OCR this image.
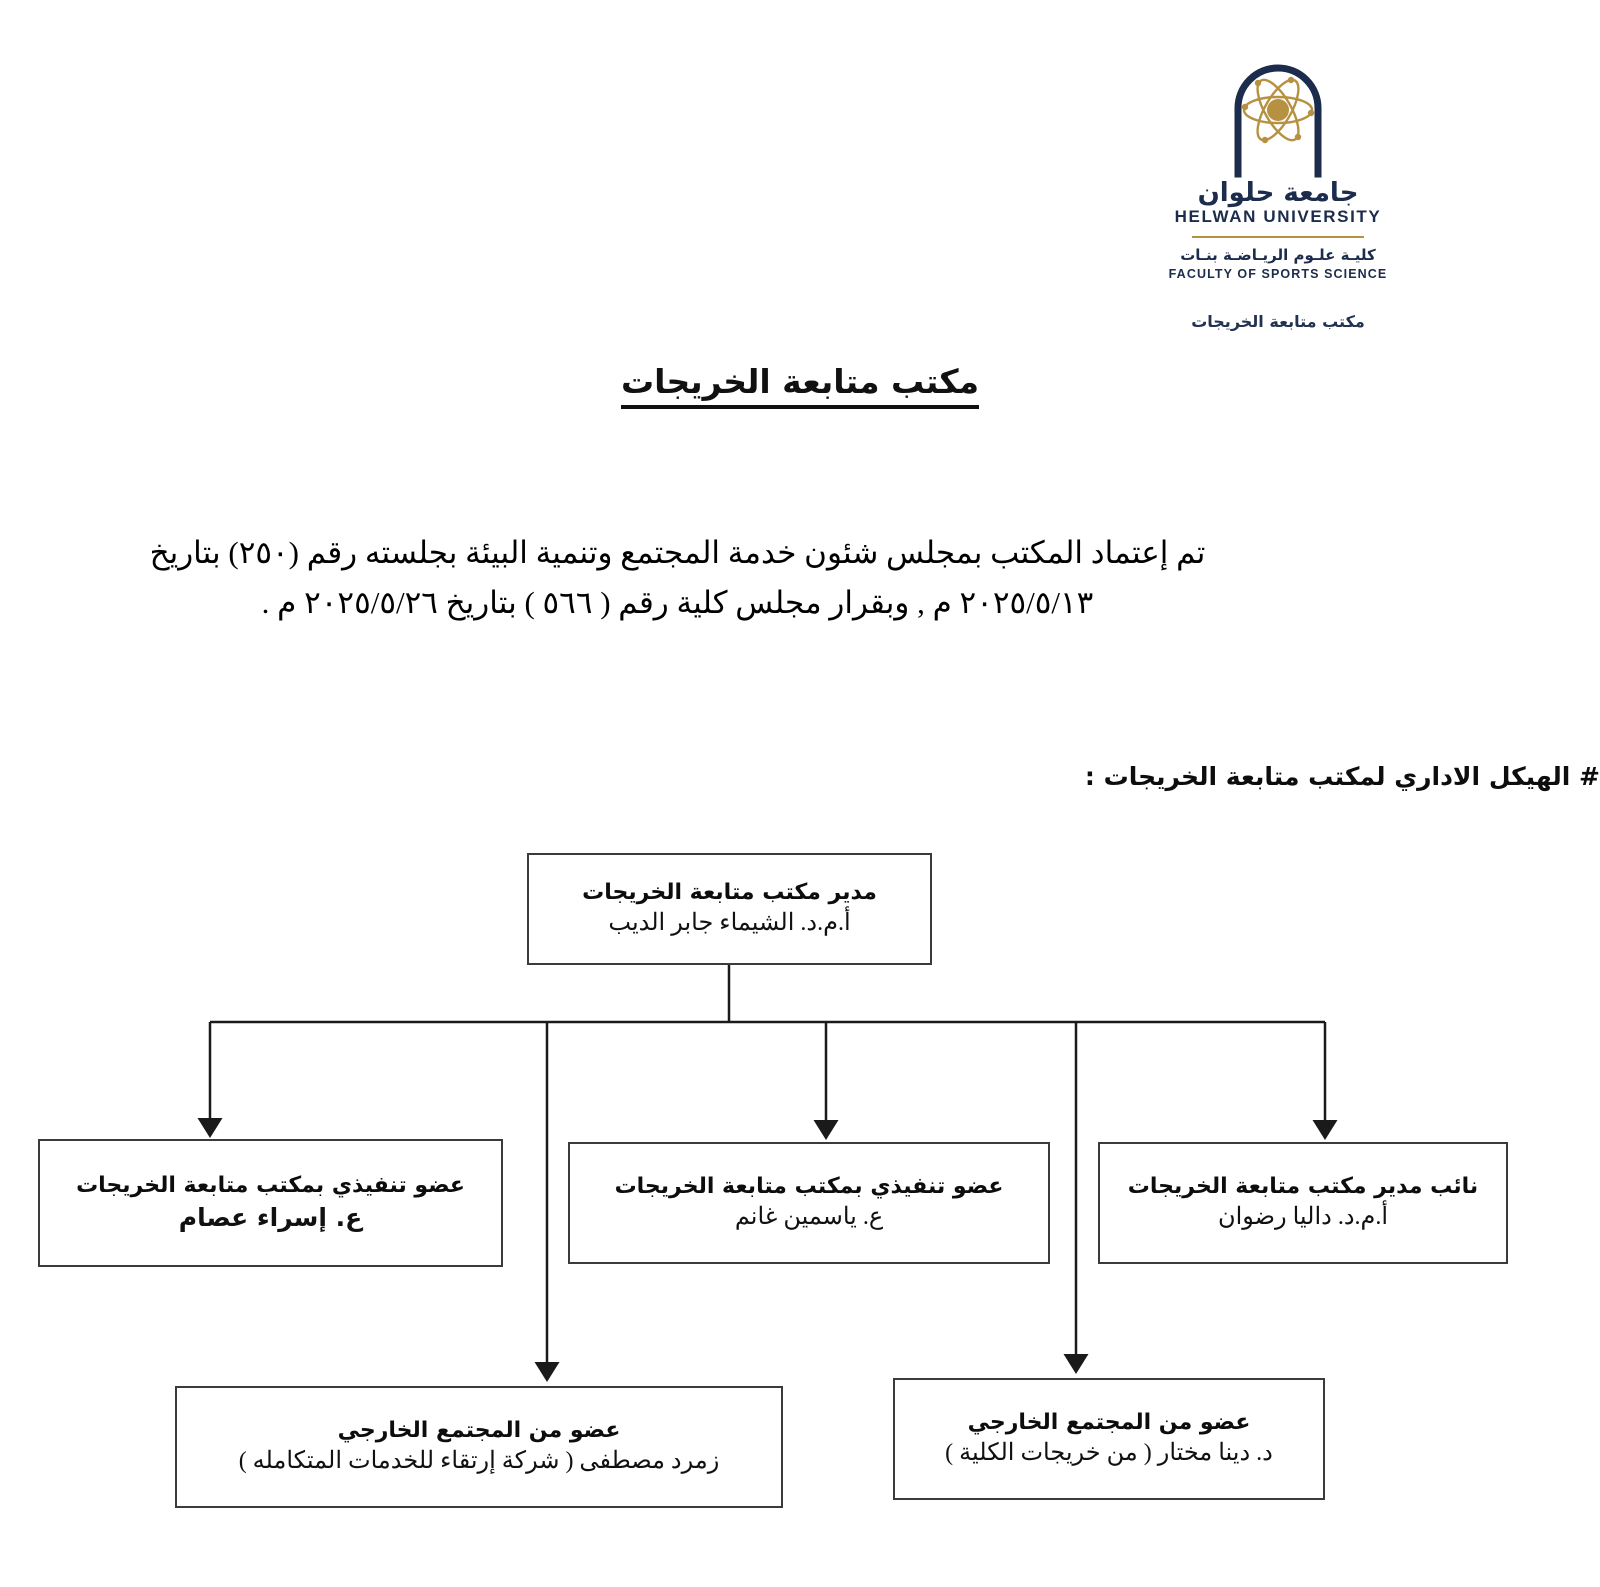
جامعة حلوان
HELWAN UNIVERSITY
كليـة علـوم الريـاضـة بنـات
FACULTY OF SPORTS SCIENCE
مكتب متابعة الخريجات
مكتب متابعة الخريجات
تم إعتماد المكتب بمجلس شئون خدمة المجتمع وتنمية البيئة بجلسته رقم (٢٥٠) بتاريخ ٢٠٢٥/٥/١٣ م , وبقرار مجلس كلية رقم ( ٥٦٦ ) بتاريخ ٢٠٢٥/٥/٢٦ م .
# الهيكل الاداري لمكتب متابعة الخريجات :
مدير مكتب متابعة الخريجات
أ.م.د. الشيماء جابر الديب
نائب مدير مكتب متابعة الخريجات
أ.م.د. داليا رضوان
عضو تنفيذي بمكتب متابعة الخريجات
ع. ياسمين غانم
عضو تنفيذي بمكتب متابعة الخريجات
ع. إسراء عصام
عضو من المجتمع الخارجي
د. دينا مختار ( من خريجات الكلية )
عضو من المجتمع الخارجي
زمرد مصطفى ( شركة إرتقاء للخدمات المتكامله )
